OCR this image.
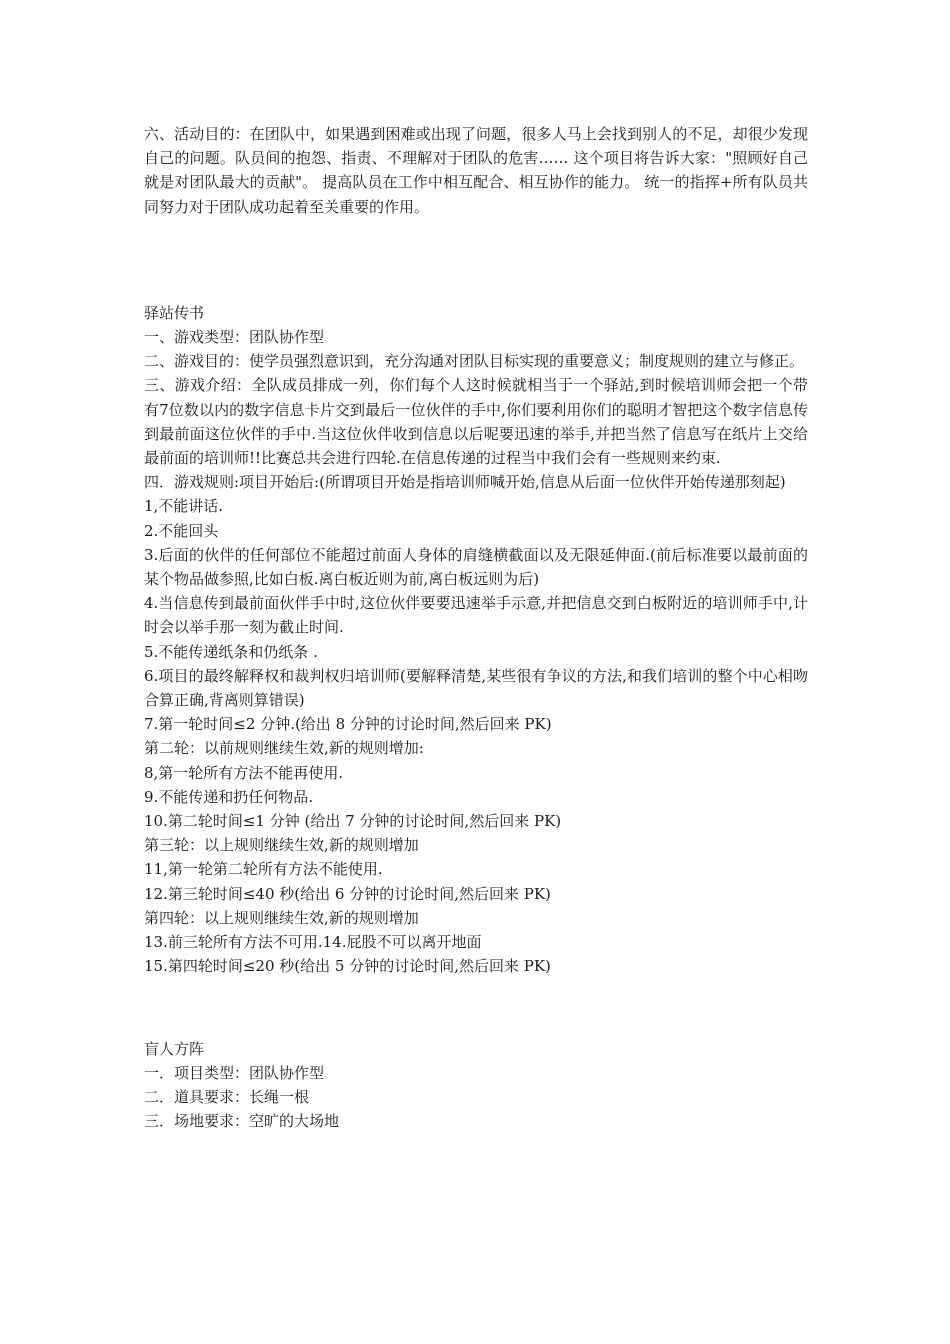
六、活动目的：在团队中，如果遇到困难或出现了问题，很多人马上会找到别人的不足，却很少发现自己的问题。队员间的抱怨、指责、不理解对于团队的危害…… 这个项目将告诉大家："照顾好自己就是对团队最大的贡献"。 提高队员在工作中相互配合、相互协作的能力。 统一的指挥+所有队员共同努力对于团队成功起着至关重要的作用。

驿站传书

一、游戏类型：团队协作型

二、游戏目的：使学员强烈意识到，充分沟通对团队目标实现的重要意义；制度规则的建立与修正。

三、游戏介绍：全队成员排成一列，你们每个人这时候就相当于一个驿站,到时候培训师会把一个带有7位数以内的数字信息卡片交到最后一位伙伴的手中,你们要利用你们的聪明才智把这个数字信息传到最前面这位伙伴的手中.当这位伙伴收到信息以后呢要迅速的举手,并把当然了信息写在纸片上交给最前面的培训师!!比赛总共会进行四轮.在信息传递的过程当中我们会有一些规则来约束.

四．游戏规则:项目开始后:(所谓项目开始是指培训师喊开始,信息从后面一位伙伴开始传递那刻起)

1,不能讲话.

2.不能回头

3.后面的伙伴的任何部位不能超过前面人身体的肩缝横截面以及无限延伸面.(前后标准要以最前面的某个物品做参照,比如白板.离白板近则为前,离白板远则为后)

4.当信息传到最前面伙伴手中时,这位伙伴要要迅速举手示意,并把信息交到白板附近的培训师手中,计时会以举手那一刻为截止时间.

5.不能传递纸条和仍纸条 .

6.项目的最终解释权和裁判权归培训师(要解释清楚,某些很有争议的方法,和我们培训的整个中心相吻合算正确,背离则算错误)

7.第一轮时间≤2 分钟.(给出 8 分钟的讨论时间,然后回来 PK)

第二轮：以前规则继续生效,新的规则增加:

8,第一轮所有方法不能再使用.

9.不能传递和扔任何物品.

10.第二轮时间≤1 分钟 (给出 7 分钟的讨论时间,然后回来 PK)

第三轮：以上规则继续生效,新的规则增加

11,第一轮第二轮所有方法不能使用.

12.第三轮时间≤40 秒(给出 6 分钟的讨论时间,然后回来 PK)

第四轮：以上规则继续生效,新的规则增加

13.前三轮所有方法不可用.14.屁股不可以离开地面

15.第四轮时间≤20 秒(给出 5 分钟的讨论时间,然后回来 PK)

盲人方阵

一．项目类型：团队协作型

二．道具要求：长绳一根

三．场地要求：空旷的大场地
